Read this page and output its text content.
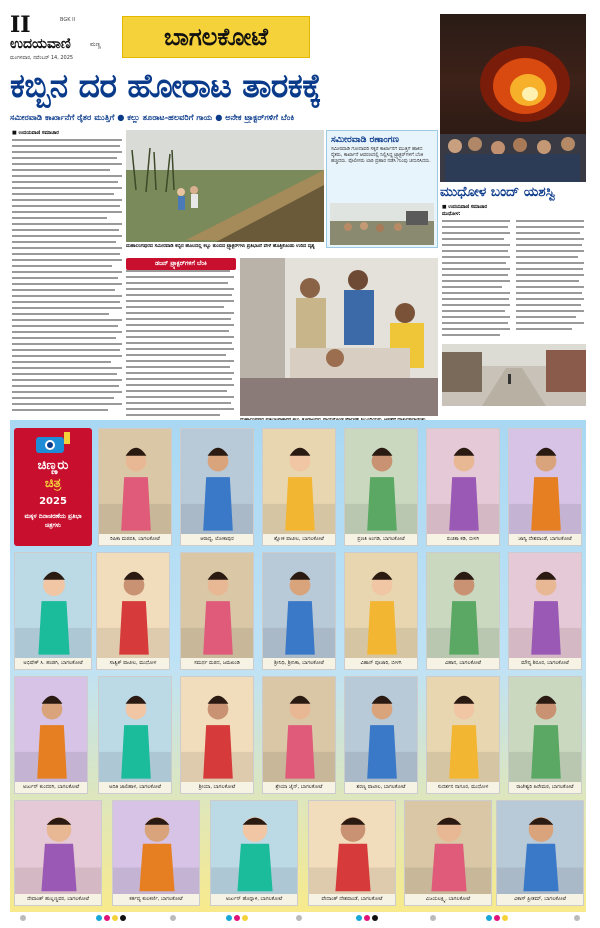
II	BGK II
ಉದಯವಾಣಿ	ಮಣ್ಣ
ಮಂಗಳವಾರ, ನವೆಂಬರ್ 14, 2025
ಬಾಗಲಕೋಟೆ
ಕಬ್ಬಿನ ದರ ಹೋರಾಟ ತಾರಕಕ್ಕೆ
ಸಮೀರವಾಡಿ ಕಾರ್ಖಾನೆಗೆ ರೈತರ ಮುತ್ತಿಗೆ ● ಕಲ್ಲು ತೂರಾಟ-ಹಲವರಿಗೆ ಗಾಯ ● ಅನೇಕ ಟ್ರ್ಯಾಕ್ಟರ್‌ಗಳಿಗೆ ಬೆಂಕಿ
ಮುಧೋಳ ಬಂದ್ ಯಶಸ್ವಿ
■ ಉದಯವಾಣಿ ಸಮಾಚಾರ
ಮಹಾಲಿಂಗಪುರದ ಸಮೀರವಾಡಿ ಕಬ್ಬಿನ ಹೊಲದಲ್ಲಿ ಕಬ್ಬು ತುಂಬಿದ ಟ್ರ್ಯಾಕ್ಟರ್‌ಗಳು ಪ್ರತಿಭಟನೆ ವೇಳೆ ಹೊತ್ತಿಕೊಂಡು ಉರಿದ ದೃಶ್ಯ
ಸಮೀರವಾಡಿ ರಣಾಂಗಣ
ಸಮೀರವಾಡಿ ಗೋದಾವರಿ ಸಕ್ಕರೆ ಕಾರ್ಖಾನೆಗೆ ಮುತ್ತಿಗೆ ಹಾಕಿದ ರೈತರು, ಕಾರ್ಖಾನೆ ಆವರಣದಲ್ಲಿ ನಿಲ್ಲಿಸಿದ್ದ ಟ್ರ್ಯಾಕ್ಟರ್‌ಗಳಿಗೆ ಬೆಂಕಿ ಹಚ್ಚಿದರು. ಪೊಲೀಸರು ಲಾಠಿ ಪ್ರಹಾರ ನಡೆಸಿ ಗುಂಪು ಚದುರಿಸಿದರು.
ಡಜನ್ ಟ್ರ್ಯಾಕ್ಟರ್‌ಗಳಿಗೆ ಬೆಂಕಿ
■ ಉದಯವಾಣಿ ಸಮಾಚಾರ
ಮುಧೋಳ:
ಚಿಣ್ಣರು
ಚಿತ್ರ
2025
ಮಕ್ಕಳ ದಿನಾಚರಣೆಯ ಪ್ರತಿಭಾ ಚಿತ್ರಗಳು
ರಿಷಿಕಾ ಮಠಪತಿ, ಬಾಗಲಕೋಟೆ	ಆರಾಧ್ಯ, ಲೋಕಾಪುರ	ಶ್ಲೋಕ ಪಾಟೀಲ, ಬಾಗಲಕೋಟೆ	ಪ್ರಣತಿ ಅಂಗಡಿ, ಬಾಗಲಕೋಟೆ	ರುಚಿತಾ ಕಡಿ, ಬೀಳಗಿ	ಜಾನ್ವಿ ದೇಶಪಾಂಡೆ, ಬಾಗಲಕೋಟೆ
ಅಭಿಷೇಕ್ ಸಿ. ಹಂಡಗಿ, ಬಾಗಲಕೋಟೆ	ಸಾತ್ವಿಕ್ ಪಾಟೀಲ, ಮುಧೋಳ	ಸಮರ್ಥ ಮಠದ, ಜಮಖಂಡಿ	ಶ್ರೀನಿಧಿ, ಶ್ರೀನಿಕಾ, ಬಾಗಲಕೋಟೆ	ವಿಹಾನ್ ಪೂಜಾರಿ, ಬೀಳಗಿ	ವಿಹಾನ, ಬಾಗಲಕೋಟೆ	ಮೌನ್ಯ ಶಿರೂರ, ಬಾಗಲಕೋಟೆ
ಅರ್ಜುನ್ ಕುಂದರಗಿ, ಬಾಗಲಕೋಟೆ	ಅದಿತಿ ಜಾಲಿಹಾಳ, ಬಾಗಲಕೋಟೆ	ಶ್ರೀಯಾ, ಬಾಗಲಕೋಟೆ	ಶ್ರೇಯಾ ಜೈನ್, ಬಾಗಲಕೋಟೆ	ಶರಣ್ಯ ಪಾಟೀಲ, ಬಾಗಲಕೋಟೆ	ಸುದರ್ಶನ ನಾಗೂರ, ಮುಧೋಳ	ರಾಜೇಶ್ವರಿ ಹಿರೇಮಠ, ಬಾಗಲಕೋಟೆ
ದೇವಾಂಶ್ ಹುಲ್ಲಣ್ಣವರ, ಬಾಗಲಕೋಟೆ	ಕರ್ತವ್ಯ ಕುಲಕರ್ಣಿ, ಬಾಗಲಕೋಟೆ	ಅರ್ಜುನ್ ಹೊನ್ನಾಳಿ, ಬಾಗಲಕೋಟೆ	ವೇದಾಂತ್ ದೇಶಪಾಂಡೆ, ಬಾಗಲಕೋಟೆ	ವಿಜಯಲಕ್ಷ್ಮಿ, ಬಾಗಲಕೋಟೆ	ವಿಕಾಸ್ ಪ್ರೀತಮ್, ಬಾಗಲಕೋಟೆ
